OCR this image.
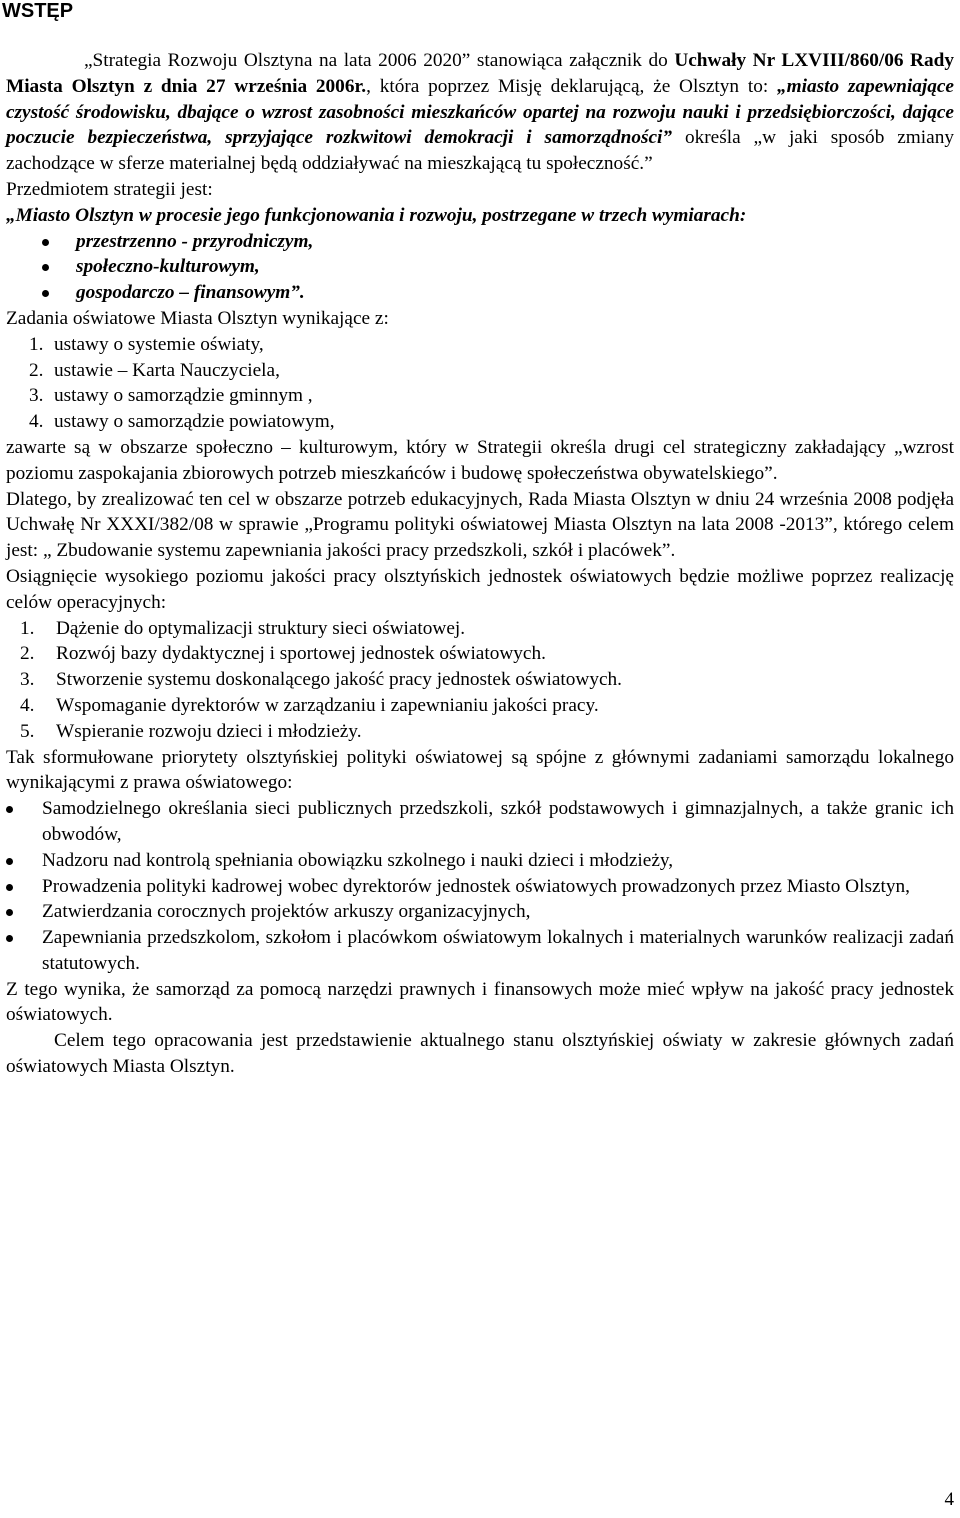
WSTĘP

„Strategia Rozwoju Olsztyna na lata 2006 2020” stanowiąca załącznik do Uchwały Nr LXVIII/860/06 Rady Miasta Olsztyn z dnia 27 września 2006r., która poprzez Misję deklarującą, że Olsztyn to: „miasto zapewniające czystość środowisku, dbające o wzrost zasobności mieszkańców opartej na rozwoju nauki i przedsiębiorczości, dające poczucie bezpieczeństwa, sprzyjające rozkwitowi demokracji i samorządności” określa „w jaki sposób zmiany zachodzące w sferze materialnej będą oddziaływać na mieszkającą tu społeczność.”

Przedmiotem strategii jest:

„Miasto Olsztyn w procesie jego funkcjonowania i rozwoju, postrzegane w trzech wymiarach:

przestrzenno - przyrodniczym,
społeczno-kulturowym,
gospodarczo – finansowym”.

Zadania oświatowe Miasta Olsztyn wynikające z:

1. ustawy o systemie oświaty,
2. ustawie – Karta Nauczyciela,
3. ustawy o samorządzie gminnym ,
4. ustawy o samorządzie powiatowym,

zawarte są w obszarze społeczno – kulturowym, który w Strategii określa drugi cel strategiczny zakładający „wzrost poziomu zaspokajania zbiorowych potrzeb mieszkańców i budowę społeczeństwa obywatelskiego”.

Dlatego, by zrealizować ten cel w obszarze potrzeb edukacyjnych, Rada Miasta Olsztyn w dniu 24 września 2008 podjęła Uchwałę Nr XXXI/382/08 w sprawie „Programu polityki oświatowej Miasta Olsztyn na lata 2008 -2013”, którego celem jest: „ Zbudowanie systemu zapewniania jakości pracy przedszkoli, szkół i placówek”.

Osiągnięcie wysokiego poziomu jakości pracy olsztyńskich jednostek oświatowych będzie możliwe poprzez realizację celów operacyjnych:

1. Dążenie do optymalizacji struktury sieci oświatowej.
2. Rozwój bazy dydaktycznej i sportowej jednostek oświatowych.
3. Stworzenie systemu doskonalącego jakość pracy jednostek oświatowych.
4. Wspomaganie dyrektorów w zarządzaniu i zapewnianiu jakości pracy.
5. Wspieranie rozwoju dzieci i młodzieży.

Tak sformułowane priorytety olsztyńskiej polityki oświatowej są spójne z głównymi zadaniami samorządu lokalnego wynikającymi z prawa oświatowego:

Samodzielnego określania sieci publicznych przedszkoli, szkół podstawowych i gimnazjalnych, a także granic ich obwodów,
Nadzoru nad kontrolą spełniania obowiązku szkolnego i nauki dzieci i młodzieży,
Prowadzenia polityki kadrowej wobec dyrektorów jednostek oświatowych prowadzonych przez Miasto Olsztyn,
Zatwierdzania corocznych projektów arkuszy organizacyjnych,
Zapewniania przedszkolom, szkołom i placówkom oświatowym lokalnych i materialnych warunków realizacji zadań statutowych.

Z tego wynika, że samorząd za pomocą narzędzi prawnych i finansowych może mieć wpływ na jakość pracy jednostek oświatowych.

Celem tego opracowania jest przedstawienie aktualnego stanu olsztyńskiej oświaty w zakresie głównych zadań oświatowych Miasta Olsztyn.

4
